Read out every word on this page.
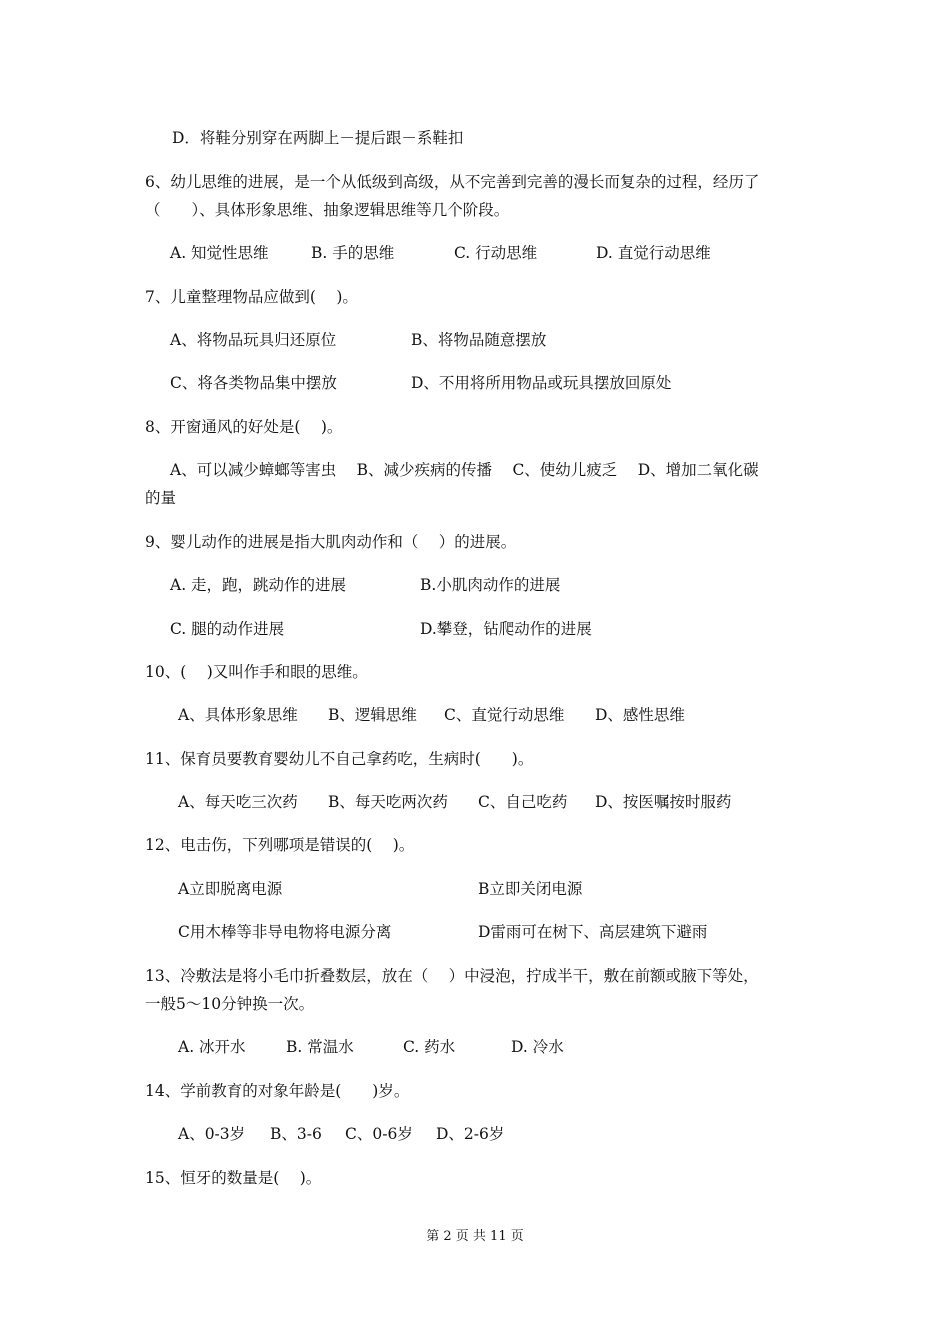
D．将鞋分别穿在两脚上－提后跟－系鞋扣
6、幼儿思维的进展，是一个从低级到高级，从不完善到完善的漫长而复杂的过程，经历了
（　　）、具体形象思维、抽象逻辑思维等几个阶段。
A. 知觉性思维	B. 手的思维	C. 行动思维	D. 直觉行动思维
7、儿童整理物品应做到(　 )。
A、将物品玩具归还原位	B、将物品随意摆放
C、将各类物品集中摆放	D、不用将所用物品或玩具摆放回原处
8、开窗通风的好处是(　 )。
A、可以减少蟑螂等害虫　 B、减少疾病的传播　 C、使幼儿疲乏　 D、增加二氧化碳
的量
9、婴儿动作的进展是指大肌肉动作和（　 ）的进展。
A. 走，跑，跳动作的进展	B.小肌肉动作的进展
C. 腿的动作进展	D.攀登，钻爬动作的进展
10、(　 )又叫作手和眼的思维。
A、具体形象思维 B、逻辑思维 C、直觉行动思维 D、感性思维
11、保育员要教育婴幼儿不自己拿药吃，生病时(　　)。
A、每天吃三次药 B、每天吃两次药 C、自己吃药 D、按医嘱按时服药
12、电击伤，下列哪项是错误的(　 )。
A立即脱离电源	B立即关闭电源
C用木棒等非导电物将电源分离	D雷雨可在树下、高层建筑下避雨
13、冷敷法是将小毛巾折叠数层，放在（　 ）中浸泡，拧成半干，敷在前额或腋下等处，
一般5～10分钟换一次。
A. 冰开水	B. 常温水	C. 药水	D. 冷水
14、学前教育的对象年龄是(　　)岁。
A、0-3岁 B、3-6 C、0-6岁 D、2-6岁
15、恒牙的数量是(　 )。
第 2 页 共 11 页
